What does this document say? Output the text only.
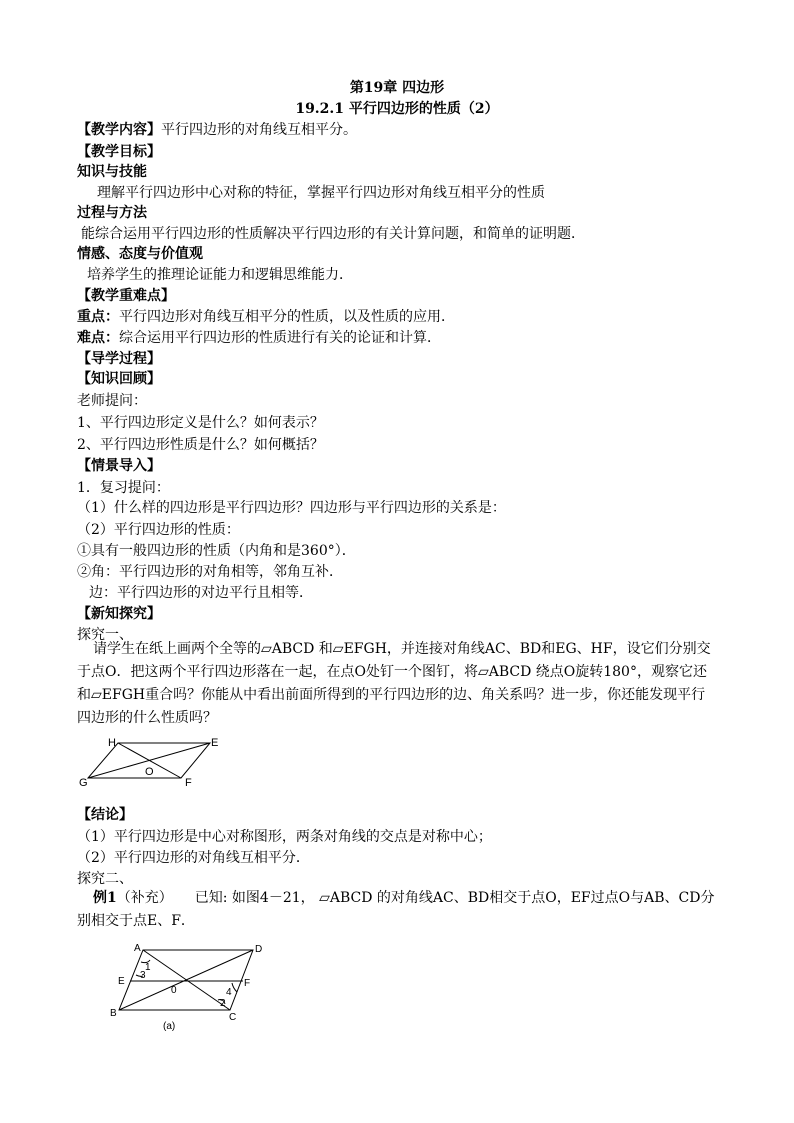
第19章 四边形
19.2.1 平行四边形的性质（2）
【教学内容】平行四边形的对角线互相平分。
【教学目标】
知识与技能
理解平行四边形中心对称的特征，掌握平行四边形对角线互相平分的性质
过程与方法
能综合运用平行四边形的性质解决平行四边形的有关计算问题，和简单的证明题．
情感、态度与价值观
培养学生的推理论证能力和逻辑思维能力．
【教学重难点】
重点：平行四边形对角线互相平分的性质，以及性质的应用．
难点：综合运用平行四边形的性质进行有关的论证和计算．
【导学过程】
【知识回顾】
老师提问：
1、平行四边形定义是什么？如何表示？
2、平行四边形性质是什么？如何概括？
【情景导入】
1．复习提问：
（1）什么样的四边形是平行四边形？四边形与平行四边形的关系是：
（2）平行四边形的性质：
①具有一般四边形的性质（内角和是360°）．
②角：平行四边形的对角相等，邻角互补．
边：平行四边形的对边平行且相等．
【新知探究】
探究一、
请学生在纸上画两个全等的▱ABCD 和▱EFGH，并连接对角线AC、BD和EG、HF，设它们分别交于点O．把这两个平行四边形落在一起，在点O处钉一个图钉，将▱ABCD 绕点O旋转180°，观察它还和▱EFGH重合吗？你能从中看出前面所得到的平行四边形的边、角关系吗？进一步，你还能发现平行四边形的什么性质吗？
H	E
G	F
O
【结论】
（1）平行四边形是中心对称图形，两条对角线的交点是对称中心；
（2）平行四边形的对角线互相平分．
探究二、
例1（补充） 已知: 如图4－21， ▱ABCD 的对角线AC、BD相交于点O，EF过点O与AB、CD分别相交于点E、F．
A	D
E	F
B	C
0
1
3
4
2
(a)
